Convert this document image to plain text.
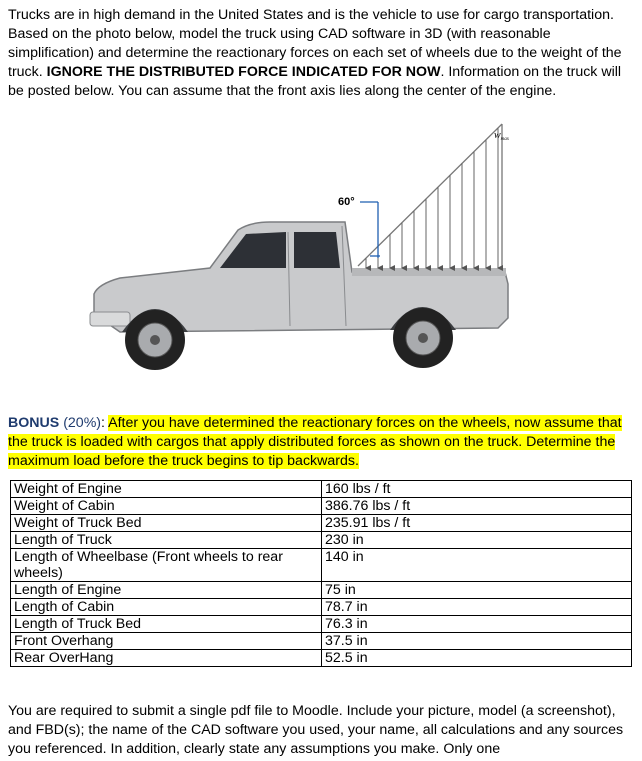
Trucks are in high demand in the United States and is the vehicle to use for cargo transportation. Based on the photo below, model the truck using CAD software in 3D (with reasonable simplification) and determine the reactionary forces on each set of wheels due to the weight of the truck. IGNORE THE DISTRIBUTED FORCE INDICATED FOR NOW. Information on the truck will be posted below. You can assume that the front axis lies along the center of the engine.

60°
$w_{max}$
BONUS (20%): After you have determined the reactionary forces on the wheels, now assume that the truck is loaded with cargos that apply distributed forces as shown on the truck. Determine the maximum load before the truck begins to tip backwards.
Weight of Engine	160 lbs / ft
Weight of Cabin	386.76 lbs / ft
Weight of Truck Bed	235.91 lbs / ft
Length of Truck	230 in
Length of Wheelbase (Front wheels to rear wheels)	140 in
Length of Engine	75 in
Length of Cabin	78.7 in
Length of Truck Bed	76.3 in
Front Overhang	37.5 in
Rear OverHang	52.5 in

You are required to submit a single pdf file to Moodle. Include your picture, model (a screenshot), and FBD(s); the name of the CAD software you used, your name, all calculations and any sources you referenced. In addition, clearly state any assumptions you make. Only one
